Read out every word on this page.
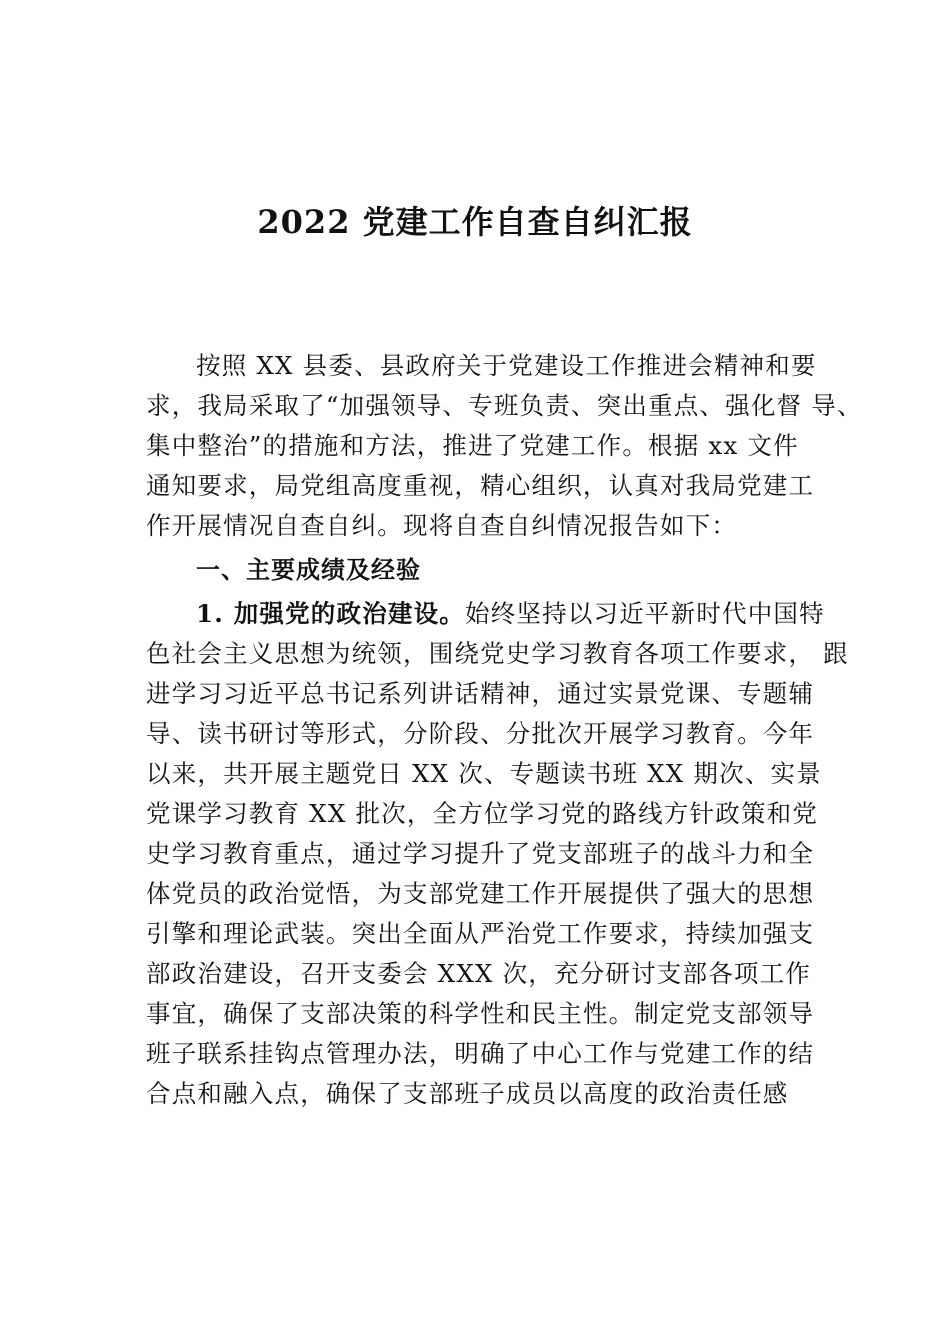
2022 党建工作自查自纠汇报

按照 XX 县委、县政府关于党建设工作推进会精神和要

求，我局采取了“加强领导、专班负责、突出重点、强化督 导、

集中整治”的措施和方法，推进了党建工作。根据 xx 文件

通知要求，局党组高度重视，精心组织，认真对我局党建工

作开展情况自查自纠。现将自查自纠情况报告如下：

一、主要成绩及经验

1. 加强党的政治建设。始终坚持以习近平新时代中国特

色社会主义思想为统领，围绕党史学习教育各项工作要求， 跟

进学习习近平总书记系列讲话精神，通过实景党课、专题辅

导、读书研讨等形式，分阶段、分批次开展学习教育。今年

以来，共开展主题党日 XX 次、专题读书班 XX 期次、实景

党课学习教育 XX 批次，全方位学习党的路线方针政策和党

史学习教育重点，通过学习提升了党支部班子的战斗力和全

体党员的政治觉悟，为支部党建工作开展提供了强大的思想

引擎和理论武装。突出全面从严治党工作要求，持续加强支

部政治建设，召开支委会 XXX 次，充分研讨支部各项工作

事宜，确保了支部决策的科学性和民主性。制定党支部领导

班子联系挂钩点管理办法，明确了中心工作与党建工作的结

合点和融入点，确保了支部班子成员以高度的政治责任感
